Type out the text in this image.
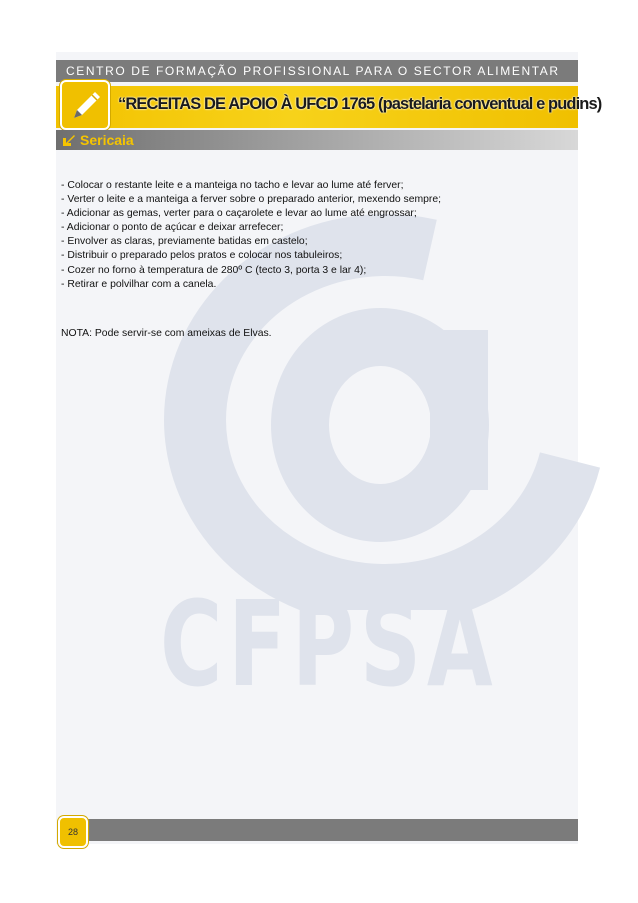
CFPSA
CENTRO DE FORMAÇÃO PROFISSIONAL PARA O SECTOR ALIMENTAR
“RECEITAS DE APOIO À UFCD 1765 (pastelaria conventual e pudins)
Sericaia
- Colocar o restante leite e a manteiga no tacho e levar ao lume até ferver;
- Verter o leite e a manteiga a ferver sobre o preparado anterior, mexendo sempre;
- Adicionar as gemas, verter para o caçarolete e levar ao lume até engrossar;
- Adicionar o ponto de açúcar e deixar arrefecer;
- Envolver as claras, previamente batidas em castelo;
- Distribuir o preparado pelos pratos e colocar nos tabuleiros;
- Cozer no forno à temperatura de 280º C (tecto 3, porta 3 e lar 4);
- Retirar e polvilhar com a canela.
NOTA: Pode servir-se com ameixas de Elvas.
28
